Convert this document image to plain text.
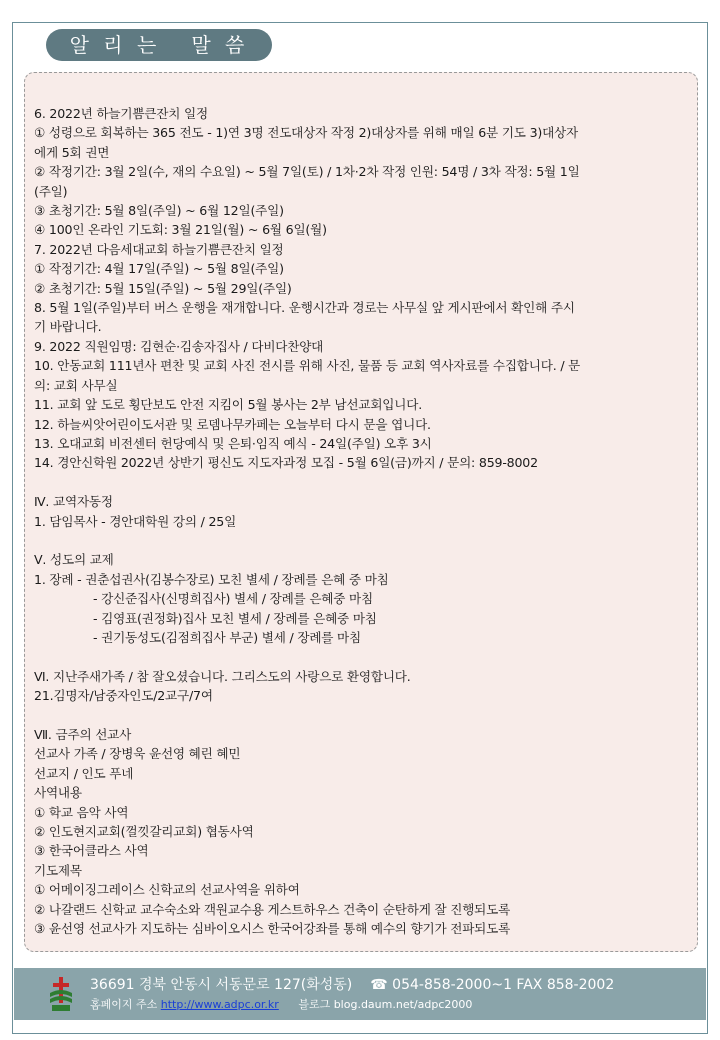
알 리 는   말 씀
6. 2022년 하늘기쁨큰잔치 일정
① 성령으로 회복하는 365 전도 - 1)연 3명 전도대상자 작정 2)대상자를 위해 매일 6분 기도 3)대상자
에게 5회 권면
② 작정기간: 3월 2일(수, 재의 수요일) ~ 5월 7일(토) / 1차·2차 작정 인원: 54명 / 3차 작정: 5월 1일
(주일)
③ 초청기간: 5월 8일(주일) ~ 6월 12일(주일)
④ 100인 온라인 기도회: 3월 21일(월) ~ 6월 6일(월)
7. 2022년 다음세대교회 하늘기쁨큰잔치 일정
① 작정기간: 4월 17일(주일) ~ 5월 8일(주일)
② 초청기간: 5월 15일(주일) ~ 5월 29일(주일)
8. 5월 1일(주일)부터 버스 운행을 재개합니다. 운행시간과 경로는 사무실 앞 게시판에서 확인해 주시
기 바랍니다.
9. 2022 직원임명: 김현순·김송자집사 / 다비다찬양대
10. 안동교회 111년사 편찬 및 교회 사진 전시를 위해 사진, 물품 등 교회 역사자료를 수집합니다. / 문
의: 교회 사무실
11. 교회 앞 도로 횡단보도 안전 지킴이 5월 봉사는 2부 남선교회입니다.
12. 하늘씨앗어린이도서관 및 로뎀나무카페는 오늘부터 다시 문을 엽니다.
13. 오대교회 비전센터 헌당예식 및 은퇴·임직 예식 - 24일(주일) 오후 3시
14. 경안신학원 2022년 상반기 평신도 지도자과정 모집 - 5월 6일(금)까지 / 문의: 859-8002
Ⅳ. 교역자동정
1. 담임목사 - 경안대학원 강의 / 25일
Ⅴ. 성도의 교제
1. 장례 - 권춘섭권사(김봉수장로) 모친 별세 / 장례를 은혜 중 마침
- 강신준집사(신명희집사) 별세 / 장례를 은혜중 마침
- 김영표(권정화)집사 모친 별세 / 장례를 은혜중 마침
- 권기동성도(김점희집사 부군) 별세 / 장례를 마침
Ⅵ. 지난주새가족 / 참 잘오셨습니다. 그리스도의 사랑으로 환영합니다.
21.김명자/남중자인도/2교구/7여
Ⅶ. 금주의 선교사
선교사 가족 / 장병욱 윤선영 혜린 혜민
선교지 / 인도 푸네
사역내용
① 학교 음악 사역
② 인도현지교회(껄낏갈리교회) 협동사역
③ 한국어클라스 사역
기도제목
① 어메이징그레이스 신학교의 선교사역을 위하여
② 나갈랜드 신학교 교수숙소와 객원교수용 게스트하우스 건축이 순탄하게 잘 진행되도록
③ 윤선영 선교사가 지도하는 심바이오시스 한국어강좌를 통해 예수의 향기가 전파되도록
36691 경북 안동시 서동문로 127(화성동) ☎ 054-858-2000~1 FAX 858-2002
홈페이지 주소 http://www.adpc.or.kr 블로그 blog.daum.net/adpc2000
